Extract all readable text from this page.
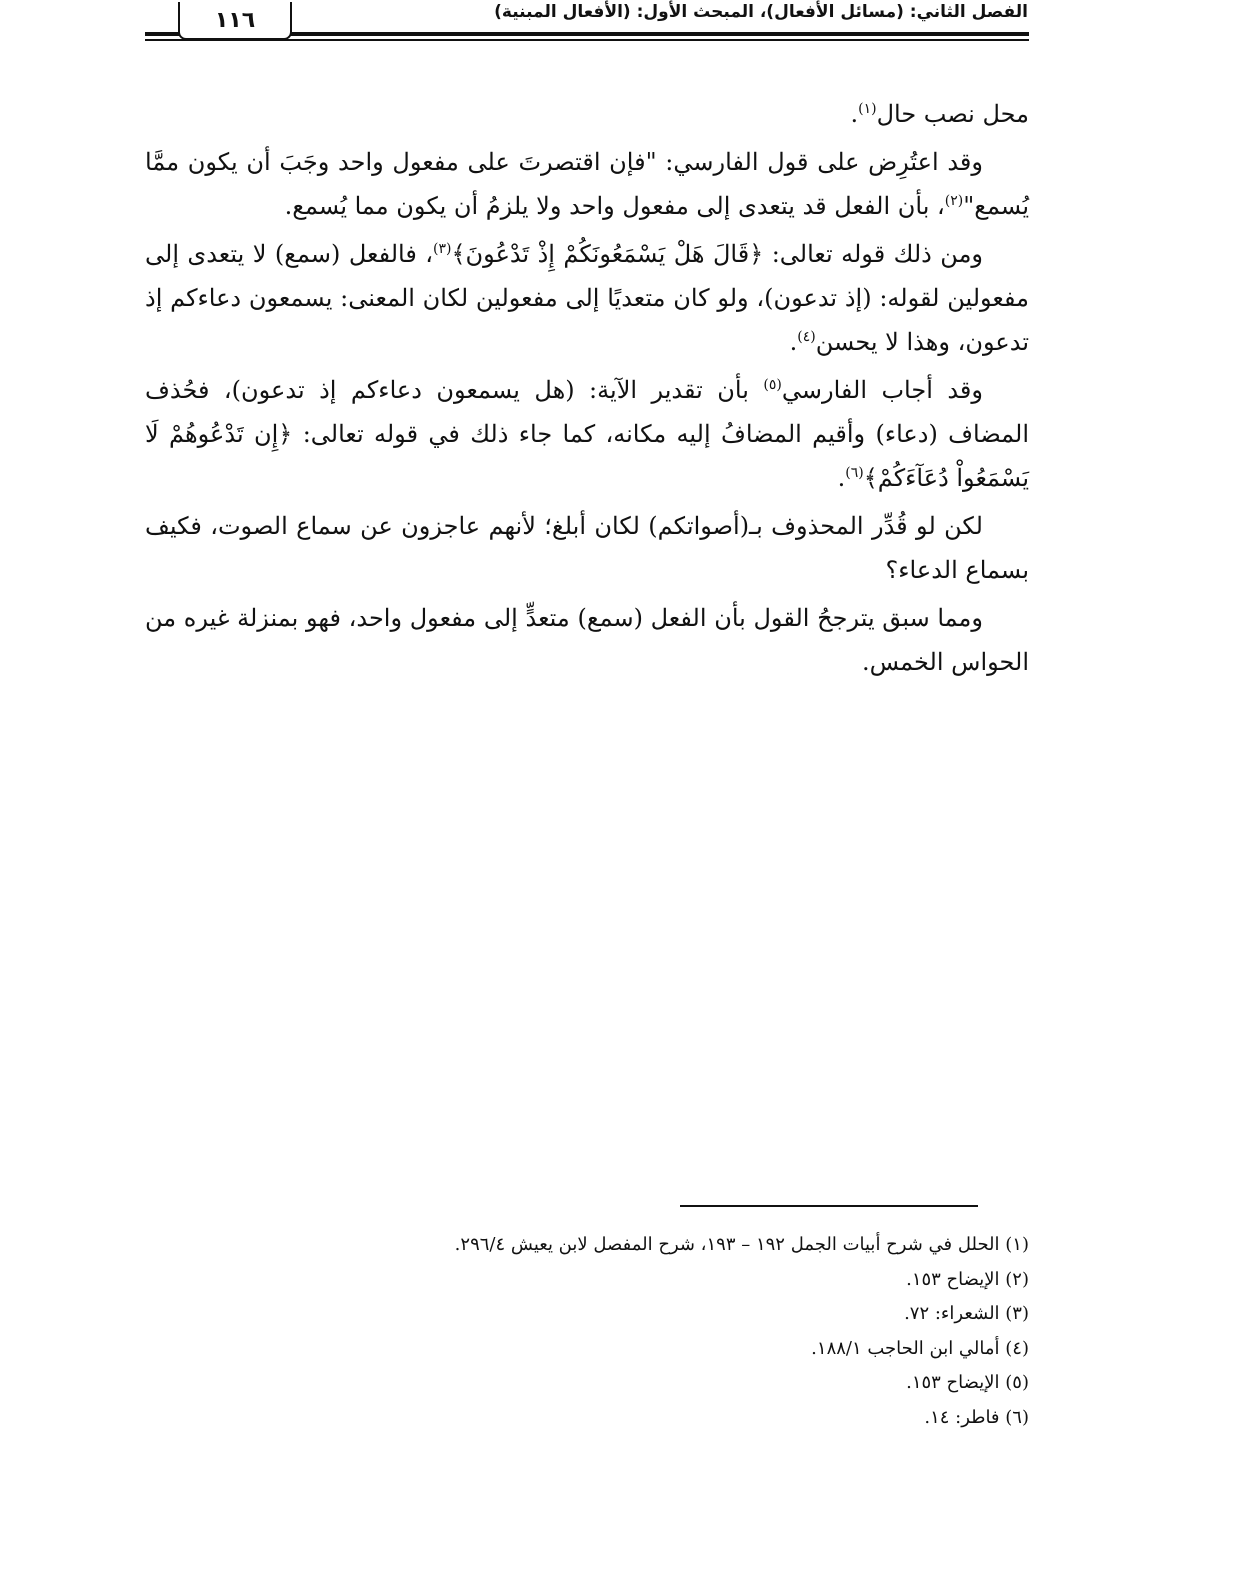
١١٦	الفصل الثاني: (مسائل الأفعال)، المبحث الأول: (الأفعال المبنية)

محل نصب حال$^{(١)}$.

وقد اعتُرِض على قول الفارسي: "فإن اقتصرتَ على مفعول واحد وجَبَ أن يكون ممَّا يُسمع"$^{(٢)}$، بأن الفعل قد يتعدى إلى مفعول واحد ولا يلزمُ أن يكون مما يُسمع.

ومن ذلك قوله تعالى: ﴿قَالَ هَلْ يَسْمَعُونَكُمْ إِذْ تَدْعُونَ﴾$^{(٣)}$، فالفعل (سمع) لا يتعدى إلى مفعولين لقوله: (إذ تدعون)، ولو كان متعديًا إلى مفعولين لكان المعنى: يسمعون دعاءكم إذ تدعون، وهذا لا يحسن$^{(٤)}$.

وقد أجاب الفارسي$^{(٥)}$ بأن تقدير الآية: (هل يسمعون دعاءكم إذ تدعون)، فحُذف المضاف (دعاء) وأقيم المضافُ إليه مكانه، كما جاء ذلك في قوله تعالى: ﴿إِن تَدْعُوهُمْ لَا يَسْمَعُواْ دُعَآءَكُمْ﴾$^{(٦)}$.

لكن لو قُدِّر المحذوف بـ(أصواتكم) لكان أبلغ؛ لأنهم عاجزون عن سماع الصوت، فكيف بسماع الدعاء؟

ومما سبق يترجحُ القول بأن الفعل (سمع) متعدٍّ إلى مفعول واحد، فهو بمنزلة غيره من الحواس الخمس.

(١) الحلل في شرح أبيات الجمل ١٩٢ – ١٩٣، شرح المفصل لابن يعيش ٢٩٦/٤.
(٢) الإيضاح ١٥٣.
(٣) الشعراء: ٧٢.
(٤) أمالي ابن الحاجب ١٨٨/١.
(٥) الإيضاح ١٥٣.
(٦) فاطر: ١٤.
